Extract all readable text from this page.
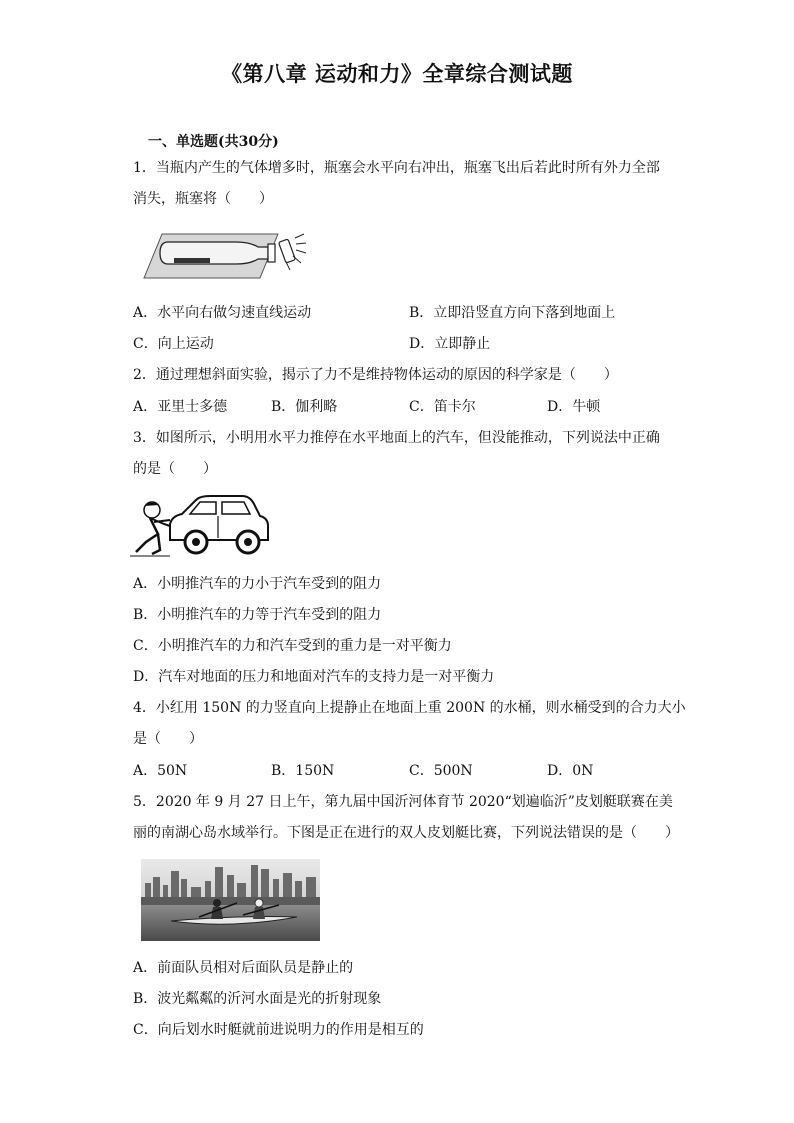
《第八章 运动和力》全章综合测试题
一、单选题(共30分)
1．当瓶内产生的气体增多时，瓶塞会水平向右冲出，瓶塞飞出后若此时所有外力全部
消失，瓶塞将（　　）
A．水平向右做匀速直线运动	B．立即沿竖直方向下落到地面上
C．向上运动	D．立即静止
2．通过理想斜面实验，揭示了力不是维持物体运动的原因的科学家是（　　）
A．亚里士多德	B．伽利略	C．笛卡尔	D．牛顿
3．如图所示，小明用水平力推停在水平地面上的汽车，但没能推动，下列说法中正确
的是（　　）
A．小明推汽车的力小于汽车受到的阻力
B．小明推汽车的力等于汽车受到的阻力
C．小明推汽车的力和汽车受到的重力是一对平衡力
D．汽车对地面的压力和地面对汽车的支持力是一对平衡力
4．小红用 150N 的力竖直向上提静止在地面上重 200N 的水桶，则水桶受到的合力大小
是（　　）
A．50N	B．150N	C．500N	D．0N
5．2020 年 9 月 27 日上午，第九届中国沂河体育节 2020“划遍临沂”皮划艇联赛在美
丽的南湖心岛水域举行。下图是正在进行的双人皮划艇比赛，下列说法错误的是（　　）
A．前面队员相对后面队员是静止的
B．波光粼粼的沂河水面是光的折射现象
C．向后划水时艇就前进说明力的作用是相互的
